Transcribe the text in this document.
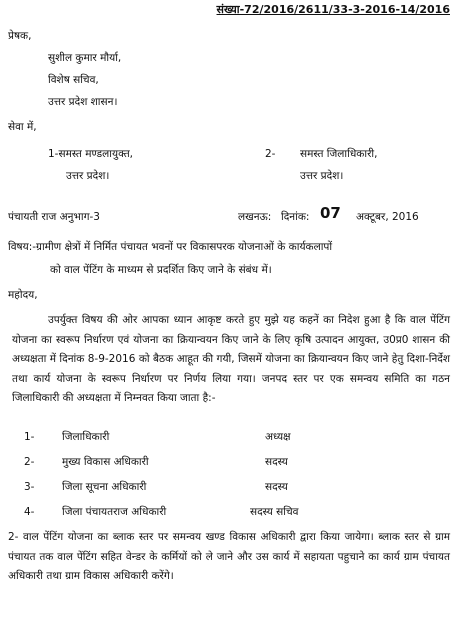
संख्या-72/2016/2611/33-3-2016-14/2016
प्रेषक,
सुशील कुमार मौर्या,
विशेष सचिव,
उत्तर प्रदेश शासन।
सेवा में,
1-समस्त मण्डलायुक्त,
उत्तर प्रदेश।
2- समस्त जिलाधिकारी,
उत्तर प्रदेश।
पंचायती राज अनुभाग-3	लखनऊ: दिनांक: 07 अक्टूबर, 2016
विषय:-ग्रामीण क्षेत्रों में निर्मित पंचायत भवनों पर विकासपरक योजनाओं के कार्यकलापों
को वाल पेंटिंग के माध्यम से प्रदर्शित किए जाने के संबंध में।
महोदय,
उपर्युक्त विषय की ओर आपका ध्यान आकृष्ट करते हुए मुझे यह कहनें का निदेश हुआ है कि वाल पेंटिंग योजना का स्वरूप निर्धारण एवं योजना का क्रियान्वयन किए जाने के लिए कृषि उत्पादन आयुक्त, उ0प्र0 शासन की अध्यक्षता में दिनांक 8-9-2016 को बैठक आहूत की गयी, जिसमें योजना का क्रियान्वयन किए जाने हेतु दिशा-निर्देश तथा कार्य योजना के स्वरूप निर्धारण पर निर्णय लिया गया। जनपद स्तर पर एक समन्वय समिति का गठन जिलाधिकारी की अध्यक्षता में निम्नवत किया जाता है:-
1-	जिलाधिकारी	अध्यक्ष
2-	मुख्य विकास अधिकारी	सदस्य
3-	जिला सूचना अधिकारी	सदस्य
4-	जिला पंचायतराज अधिकारी	सदस्य सचिव
2- वाल पेंटिंग योजना का ब्लाक स्तर पर समन्वय खण्ड विकास अधिकारी द्वारा किया जायेगा। ब्लाक स्तर से ग्राम पंचायत तक वाल पेंटिंग सहित वेन्डर के कर्मियों को ले जाने और उस कार्य में सहायता पहुचाने का कार्य ग्राम पंचायत अधिकारी तथा ग्राम विकास अधिकारी करेंगे।
